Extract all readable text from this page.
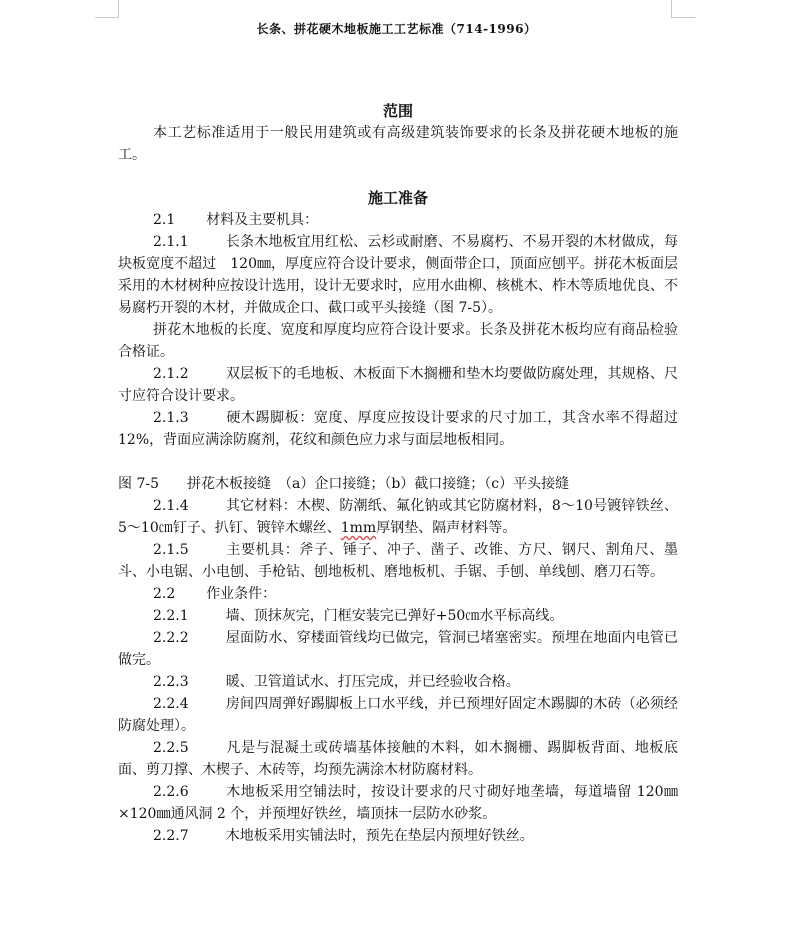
长条、拼花硬木地板施工工艺标准（714-1996）
范围

本工艺标准适用于一般民用建筑或有高级建筑装饰要求的长条及拼花硬木地板的施工。

施工准备

2.1 材料及主要机具：

2.1.1	长条木地板宜用红松、云杉或耐磨、不易腐朽、不易开裂的木材做成，每块板宽度不超过　120㎜，厚度应符合设计要求，侧面带企口，顶面应刨平。拼花木板面层采用的木材树种应按设计选用，设计无要求时，应用水曲柳、核桃木、柞木等质地优良、不易腐朽开裂的木材，并做成企口、截口或平头接缝（图 7-5）。

拼花木地板的长度、宽度和厚度均应符合设计要求。长条及拼花木板均应有商品检验合格证。

2.1.2	双层板下的毛地板、木板面下木搁栅和垫木均要做防腐处理，其规格、尺寸应符合设计要求。

2.1.3	硬木踢脚板：宽度、厚度应按设计要求的尺寸加工，其含水率不得超过 12%，背面应满涂防腐剂，花纹和颜色应力求与面层地板相同。

图 7-5　　拼花木板接缝　（a）企口接缝；（b）截口接缝；（c）平头接缝

2.1.4	其它材料：木楔、防潮纸、氟化钠或其它防腐材料，8～10号镀锌铁丝、5～10㎝钉子、扒钉、镀锌木螺丝、1mm厚钢垫、隔声材料等。

2.1.5	主要机具：斧子、锤子、冲子、凿子、改锥、方尺、钢尺、割角尺、墨斗、小电锯、小电刨、手枪钻、刨地板机、磨地板机、手锯、手刨、单线刨、磨刀石等。

2.2 作业条件：

2.2.1	墙、顶抹灰完，门框安装完已弹好+50㎝水平标高线。

2.2.2	屋面防水、穿楼面管线均已做完，管洞已堵塞密实。预埋在地面内电管已做完。

2.2.3	暖、卫管道试水、打压完成，并已经验收合格。

2.2.4	房间四周弹好踢脚板上口水平线，并已预埋好固定木踢脚的木砖（必须经防腐处理）。

2.2.5	凡是与混凝土或砖墙基体接触的木料，如木搁栅、踢脚板背面、地板底面、剪刀撑、木楔子、木砖等，均预先满涂木材防腐材料。

2.2.6	木地板采用空铺法时，按设计要求的尺寸砌好地垄墙，每道墙留 120㎜×120㎜通风洞 2 个，并预埋好铁丝，墙顶抹一层防水砂浆。

2.2.7	木地板采用实铺法时，预先在垫层内预埋好铁丝。
